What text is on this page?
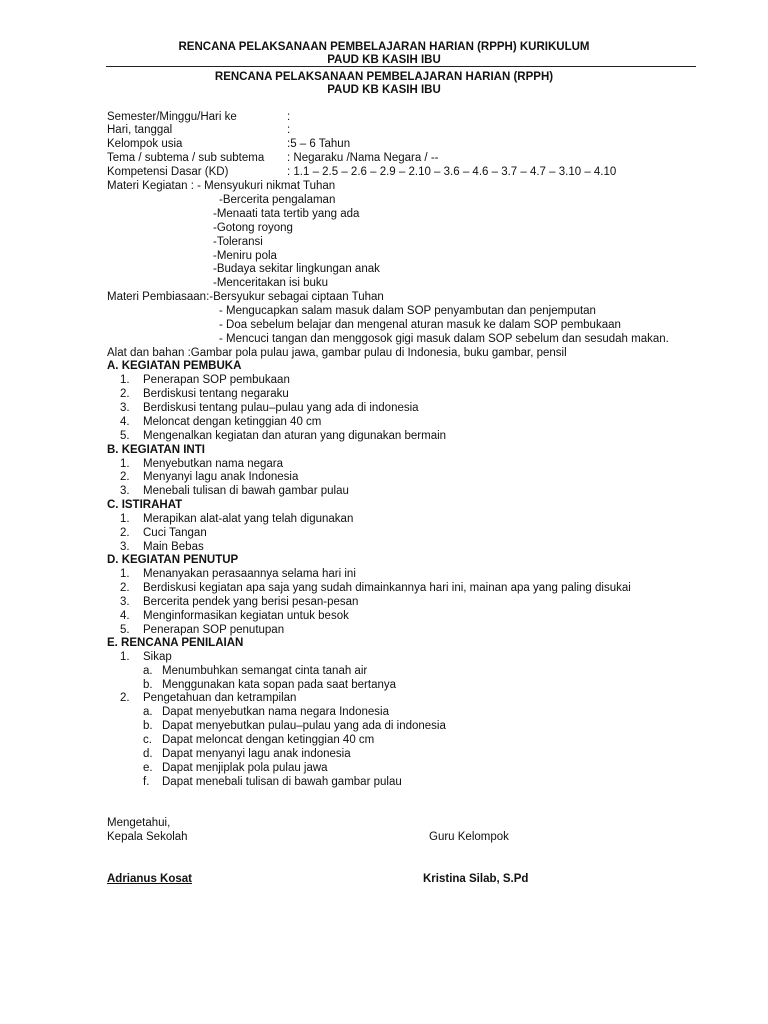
RENCANA PELAKSANAAN PEMBELAJARAN HARIAN (RPPH) KURIKULUM
PAUD KB KASIH IBU
RENCANA PELAKSANAAN PEMBELAJARAN HARIAN (RPPH)
PAUD KB KASIH IBU
Semester/Minggu/Hari ke	:
Hari, tanggal	:
Kelompok usia	:5 – 6 Tahun
Tema / subtema / sub subtema : Negaraku /Nama Negara / --
Kompetensi Dasar (KD)	: 1.1 – 2.5 – 2.6 – 2.9 – 2.10 – 3.6 – 4.6 – 3.7 – 4.7 – 3.10 – 4.10
Materi Kegiatan : - Mensyukuri nikmat Tuhan
-Bercerita pengalaman
-Menaati tata tertib yang ada
-Gotong royong
-Toleransi
-Meniru pola
-Budaya sekitar lingkungan anak
-Menceritakan isi buku
Materi Pembiasaan:-Bersyukur sebagai ciptaan Tuhan
- Mengucapkan salam masuk dalam SOP penyambutan dan penjemputan
- Doa sebelum belajar dan mengenal aturan masuk ke dalam SOP pembukaan
- Mencuci tangan dan menggosok gigi masuk dalam SOP sebelum dan sesudah makan.
Alat dan bahan :Gambar pola pulau jawa, gambar pulau di Indonesia, buku gambar, pensil
A. KEGIATAN PEMBUKA
1. Penerapan SOP pembukaan
2. Berdiskusi tentang negaraku
3. Berdiskusi tentang pulau–pulau yang ada di indonesia
4. Meloncat dengan ketinggian 40 cm
5. Mengenalkan kegiatan dan aturan yang digunakan bermain
B. KEGIATAN INTI
1. Menyebutkan nama negara
2. Menyanyi lagu anak Indonesia
3. Menebali tulisan di bawah gambar pulau
C. ISTIRAHAT
1. Merapikan alat-alat yang telah digunakan
2. Cuci Tangan
3. Main Bebas
D. KEGIATAN PENUTUP
1. Menanyakan perasaannya selama hari ini
2. Berdiskusi kegiatan apa saja yang sudah dimainkannya hari ini, mainan apa yang paling disukai
3. Bercerita pendek yang berisi pesan-pesan
4. Menginformasikan kegiatan untuk besok
5. Penerapan SOP penutupan
E. RENCANA PENILAIAN
1. Sikap
a. Menumbuhkan semangat cinta tanah air
b. Menggunakan kata sopan pada saat bertanya
2. Pengetahuan dan ketrampilan
a. Dapat menyebutkan nama negara Indonesia
b. Dapat menyebutkan pulau–pulau yang ada di indonesia
c. Dapat meloncat dengan ketinggian 40 cm
d. Dapat menyanyi lagu anak indonesia
e. Dapat menjiplak pola pulau jawa
f. Dapat menebali tulisan di bawah gambar pulau
Mengetahui,
Kepala Sekolah	Guru Kelompok
Adrianus Kosat	Kristina Silab, S.Pd
